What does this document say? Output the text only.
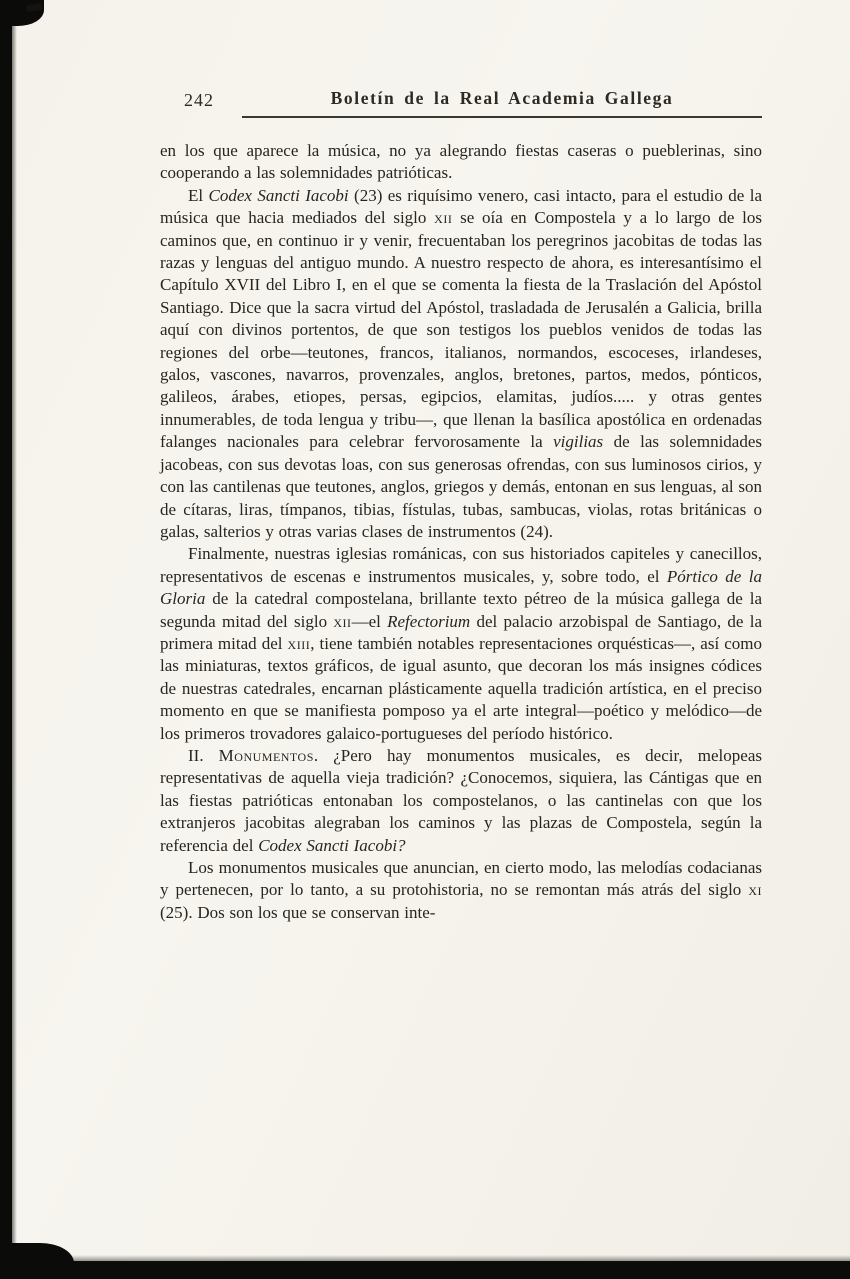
242	Boletín de la Real Academia Gallega

en los que aparece la música, no ya alegrando fiestas caseras o pueblerinas, sino cooperando a las solemnidades patrióticas.

El Codex Sancti Iacobi (23) es riquísimo venero, casi intacto, para el estudio de la música que hacia mediados del siglo xii se oía en Compostela y a lo largo de los caminos que, en continuo ir y venir, frecuentaban los peregrinos jacobitas de todas las razas y lenguas del antiguo mundo. A nuestro respecto de ahora, es interesantísimo el Capítulo XVII del Libro I, en el que se comenta la fiesta de la Traslación del Apóstol Santiago. Dice que la sacra virtud del Apóstol, trasladada de Jerusalén a Galicia, brilla aquí con divinos portentos, de que son testigos los pueblos venidos de todas las regiones del orbe—teutones, francos, italianos, normandos, escoceses, irlandeses, galos, vascones, navarros, provenzales, anglos, bretones, partos, medos, pónticos, galileos, árabes, etiopes, persas, egipcios, elamitas, judíos..... y otras gentes innumerables, de toda lengua y tribu—, que llenan la basílica apostólica en ordenadas falanges nacionales para celebrar fervorosamente la vigilias de las solemnidades jacobeas, con sus devotas loas, con sus generosas ofrendas, con sus luminosos cirios, y con las cantilenas que teutones, anglos, griegos y demás, entonan en sus lenguas, al son de cítaras, liras, tímpanos, tibias, fístulas, tubas, sambucas, violas, rotas británicas o galas, salterios y otras varias clases de instrumentos (24).

Finalmente, nuestras iglesias románicas, con sus historiados capiteles y canecillos, representativos de escenas e instrumentos musicales, y, sobre todo, el Pórtico de la Gloria de la catedral compostelana, brillante texto pétreo de la música gallega de la segunda mitad del siglo xii—el Refectorium del palacio arzobispal de Santiago, de la primera mitad del xiii, tiene también notables representaciones orquésticas—, así como las miniaturas, textos gráficos, de igual asunto, que decoran los más insignes códices de nuestras catedrales, encarnan plásticamente aquella tradición artística, en el preciso momento en que se manifiesta pomposo ya el arte integral—poético y melódico—de los primeros trovadores galaico-portugueses del período histórico.

II. Monumentos. ¿Pero hay monumentos musicales, es decir, melopeas representativas de aquella vieja tradición? ¿Conocemos, siquiera, las Cántigas que en las fiestas patrióticas entonaban los compostelanos, o las cantinelas con que los extranjeros jacobitas alegraban los caminos y las plazas de Compostela, según la referencia del Codex Sancti Iacobi?

Los monumentos musicales que anuncian, en cierto modo, las melodías codacianas y pertenecen, por lo tanto, a su protohistoria, no se remontan más atrás del siglo xi (25). Dos son los que se conservan inte-
